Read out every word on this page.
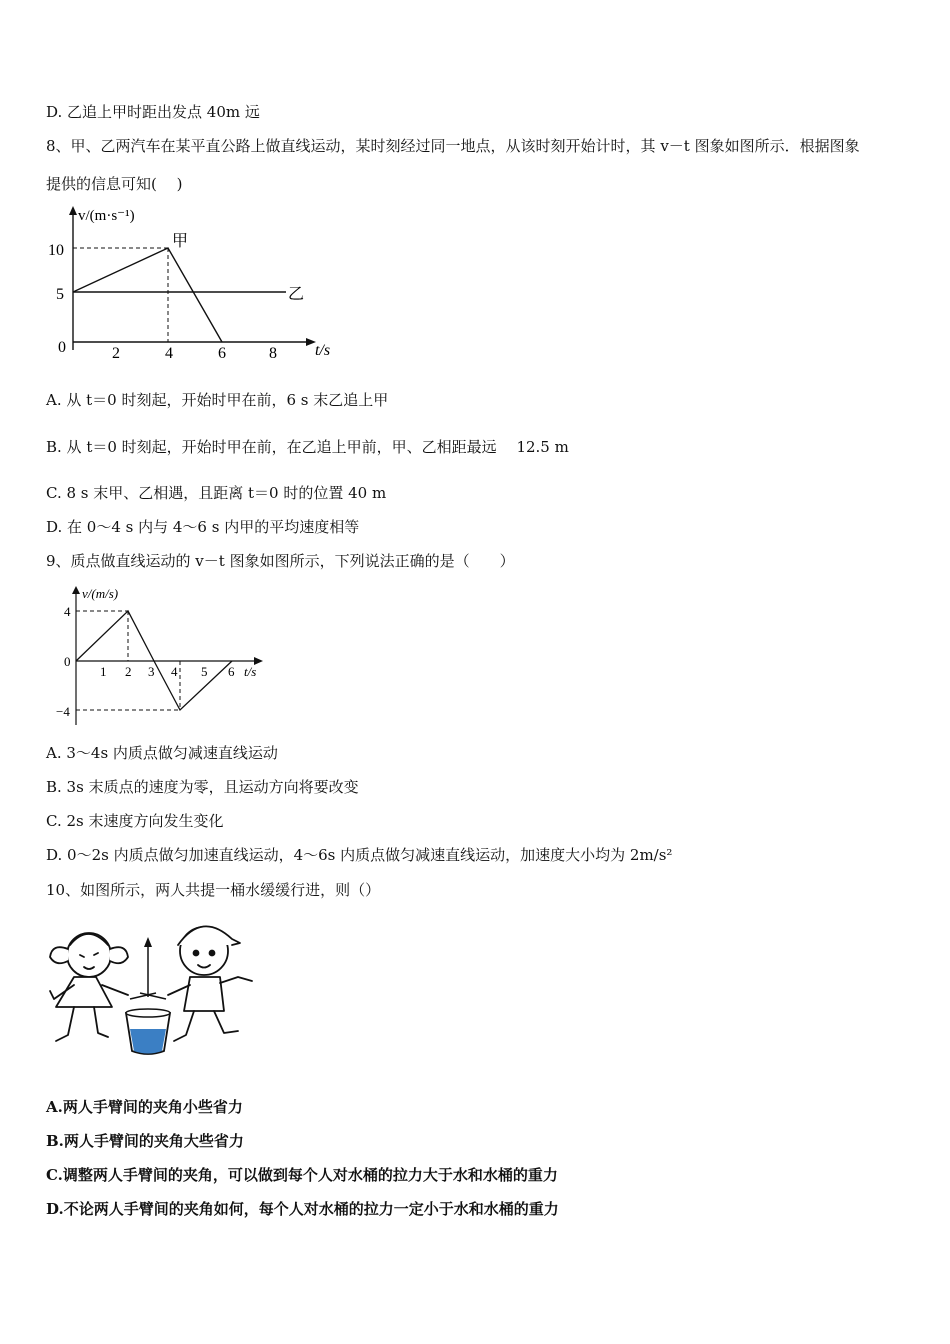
D. 乙追上甲时距出发点 40m 远
8、甲、乙两汽车在某平直公路上做直线运动，某时刻经过同一地点，从该时刻开始计时，其 v－t 图象如图所示．根据图象
提供的信息可知(　 )
v/(m·s⁻¹)
t/s
10
5
0	2	4	6	8
甲
乙
A. 从 t＝0 时刻起，开始时甲在前，6 s 末乙追上甲
B. 从 t＝0 时刻起，开始时甲在前，在乙追上甲前，甲、乙相距最远　 12.5 m
C. 8 s 末甲、乙相遇，且距离 t＝0 时的位置 40 m
D. 在 0～4 s 内与 4～6 s 内甲的平均速度相等
9、质点做直线运动的 v－t 图象如图所示，下列说法正确的是（　　）
v/(m/s)
t/s
4
0
−4
1 2 3 4 5 6
A. 3～4s 内质点做匀减速直线运动
B. 3s 末质点的速度为零，且运动方向将要改变
C. 2s 末速度方向发生变化
D. 0～2s 内质点做匀加速直线运动，4～6s 内质点做匀减速直线运动，加速度大小均为 2m/s²
10、如图所示，两人共提一桶水缓缓行进，则（）
A.两人手臂间的夹角小些省力
B.两人手臂间的夹角大些省力
C.调整两人手臂间的夹角，可以做到每个人对水桶的拉力大于水和水桶的重力
D.不论两人手臂间的夹角如何，每个人对水桶的拉力一定小于水和水桶的重力
